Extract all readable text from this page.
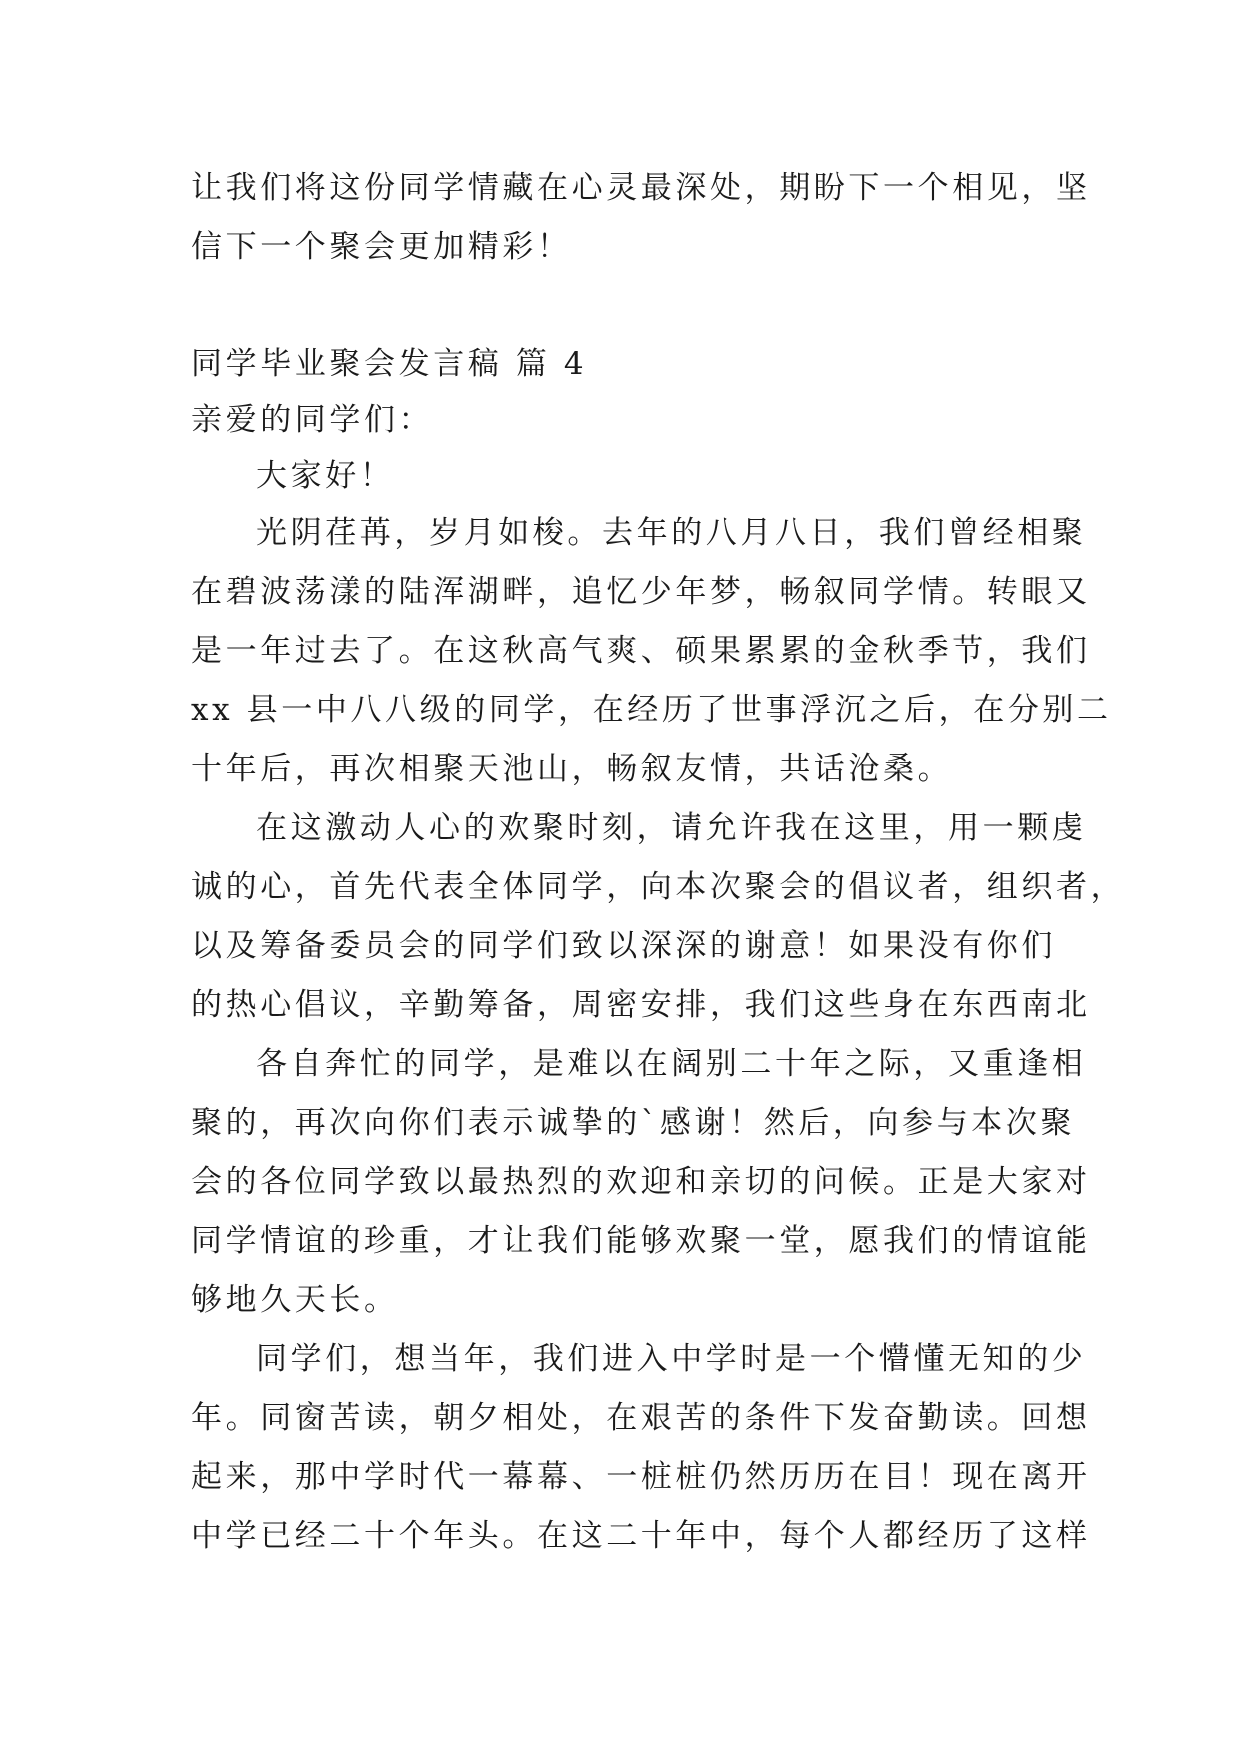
让我们将这份同学情藏在心灵最深处，期盼下一个相见，坚
信下一个聚会更加精彩！
同学毕业聚会发言稿 篇 4
亲爱的同学们：
大家好！
光阴荏苒，岁月如梭。去年的八月八日，我们曾经相聚
在碧波荡漾的陆浑湖畔，追忆少年梦，畅叙同学情。转眼又
是一年过去了。在这秋高气爽、硕果累累的金秋季节，我们
xx 县一中八八级的同学，在经历了世事浮沉之后，在分别二
十年后，再次相聚天池山，畅叙友情，共话沧桑。
在这激动人心的欢聚时刻，请允许我在这里，用一颗虔
诚的心，首先代表全体同学，向本次聚会的倡议者，组织者，
以及筹备委员会的同学们致以深深的谢意！如果没有你们
的热心倡议，辛勤筹备，周密安排，我们这些身在东西南北
各自奔忙的同学，是难以在阔别二十年之际，又重逢相
聚的，再次向你们表示诚挚的`感谢！然后，向参与本次聚
会的各位同学致以最热烈的欢迎和亲切的问候。正是大家对
同学情谊的珍重，才让我们能够欢聚一堂，愿我们的情谊能
够地久天长。
同学们，想当年，我们进入中学时是一个懵懂无知的少
年。同窗苦读，朝夕相处，在艰苦的条件下发奋勤读。回想
起来，那中学时代一幕幕、一桩桩仍然历历在目！现在离开
中学已经二十个年头。在这二十年中，每个人都经历了这样
